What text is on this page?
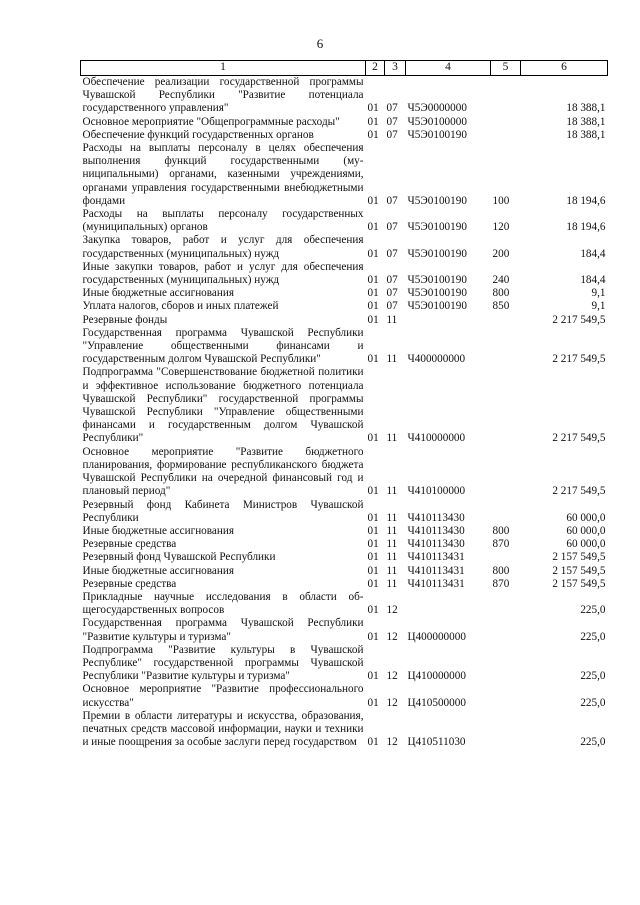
6
1	2	3	4	5	6
Обеспечение реализации государственной программы Чувашской Республики "Развитие потенциала государственного управления"	01	07	Ч5Э0000000		18 388,1
Основное мероприятие "Общепрограммные расходы"	01	07	Ч5Э0100000		18 388,1
Обеспечение функций государственных органов	01	07	Ч5Э0100190		18 388,1
Расходы на выплаты персоналу в целях обеспечения выполнения функций государственными (муниципальными) органами, казенными учреждениями, органами управления государственными внебюджетными фондами	01	07	Ч5Э0100190	100	18 194,6
Расходы на выплаты персоналу государственных (муниципальных) органов	01	07	Ч5Э0100190	120	18 194,6
Закупка товаров, работ и услуг для обеспечения государственных (муниципальных) нужд	01	07	Ч5Э0100190	200	184,4
Иные закупки товаров, работ и услуг для обеспечения государственных (муниципальных) нужд	01	07	Ч5Э0100190	240	184,4
Иные бюджетные ассигнования	01	07	Ч5Э0100190	800	9,1
Уплата налогов, сборов и иных платежей	01	07	Ч5Э0100190	850	9,1
Резервные фонды	01	11			2 217 549,5
Государственная программа Чувашской Республики "Управление общественными финансами и государственным долгом Чувашской Республики"	01	11	Ч400000000		2 217 549,5
Подпрограмма "Совершенствование бюджетной политики и эффективное использование бюджетного потенциала Чувашской Республики" государственной программы Чувашской Республики "Управление общественными финансами и государственным долгом Чувашской Республики"	01	11	Ч410000000		2 217 549,5
Основное мероприятие "Развитие бюджетного планирования, формирование республиканского бюджета Чувашской Республики на очередной финансовый год и плановый период"	01	11	Ч410100000		2 217 549,5
Резервный фонд Кабинета Министров Чувашской Республики	01	11	Ч410113430		60 000,0
Иные бюджетные ассигнования	01	11	Ч410113430	800	60 000,0
Резервные средства	01	11	Ч410113430	870	60 000,0
Резервный фонд Чувашской Республики	01	11	Ч410113431		2 157 549,5
Иные бюджетные ассигнования	01	11	Ч410113431	800	2 157 549,5
Резервные средства	01	11	Ч410113431	870	2 157 549,5
Прикладные научные исследования в области общегосударственных вопросов	01	12			225,0
Государственная программа Чувашской Республики "Развитие культуры и туризма"	01	12	Ц400000000		225,0
Подпрограмма "Развитие культуры в Чувашской Республике" государственной программы Чувашской Республики "Развитие культуры и туризма"	01	12	Ц410000000		225,0
Основное мероприятие "Развитие профессионального искусства"	01	12	Ц410500000		225,0
Премии в области литературы и искусства, образования, печатных средств массовой информации, науки и техники и иные поощрения за особые заслуги перед государством	01	12	Ц410511030		225,0
